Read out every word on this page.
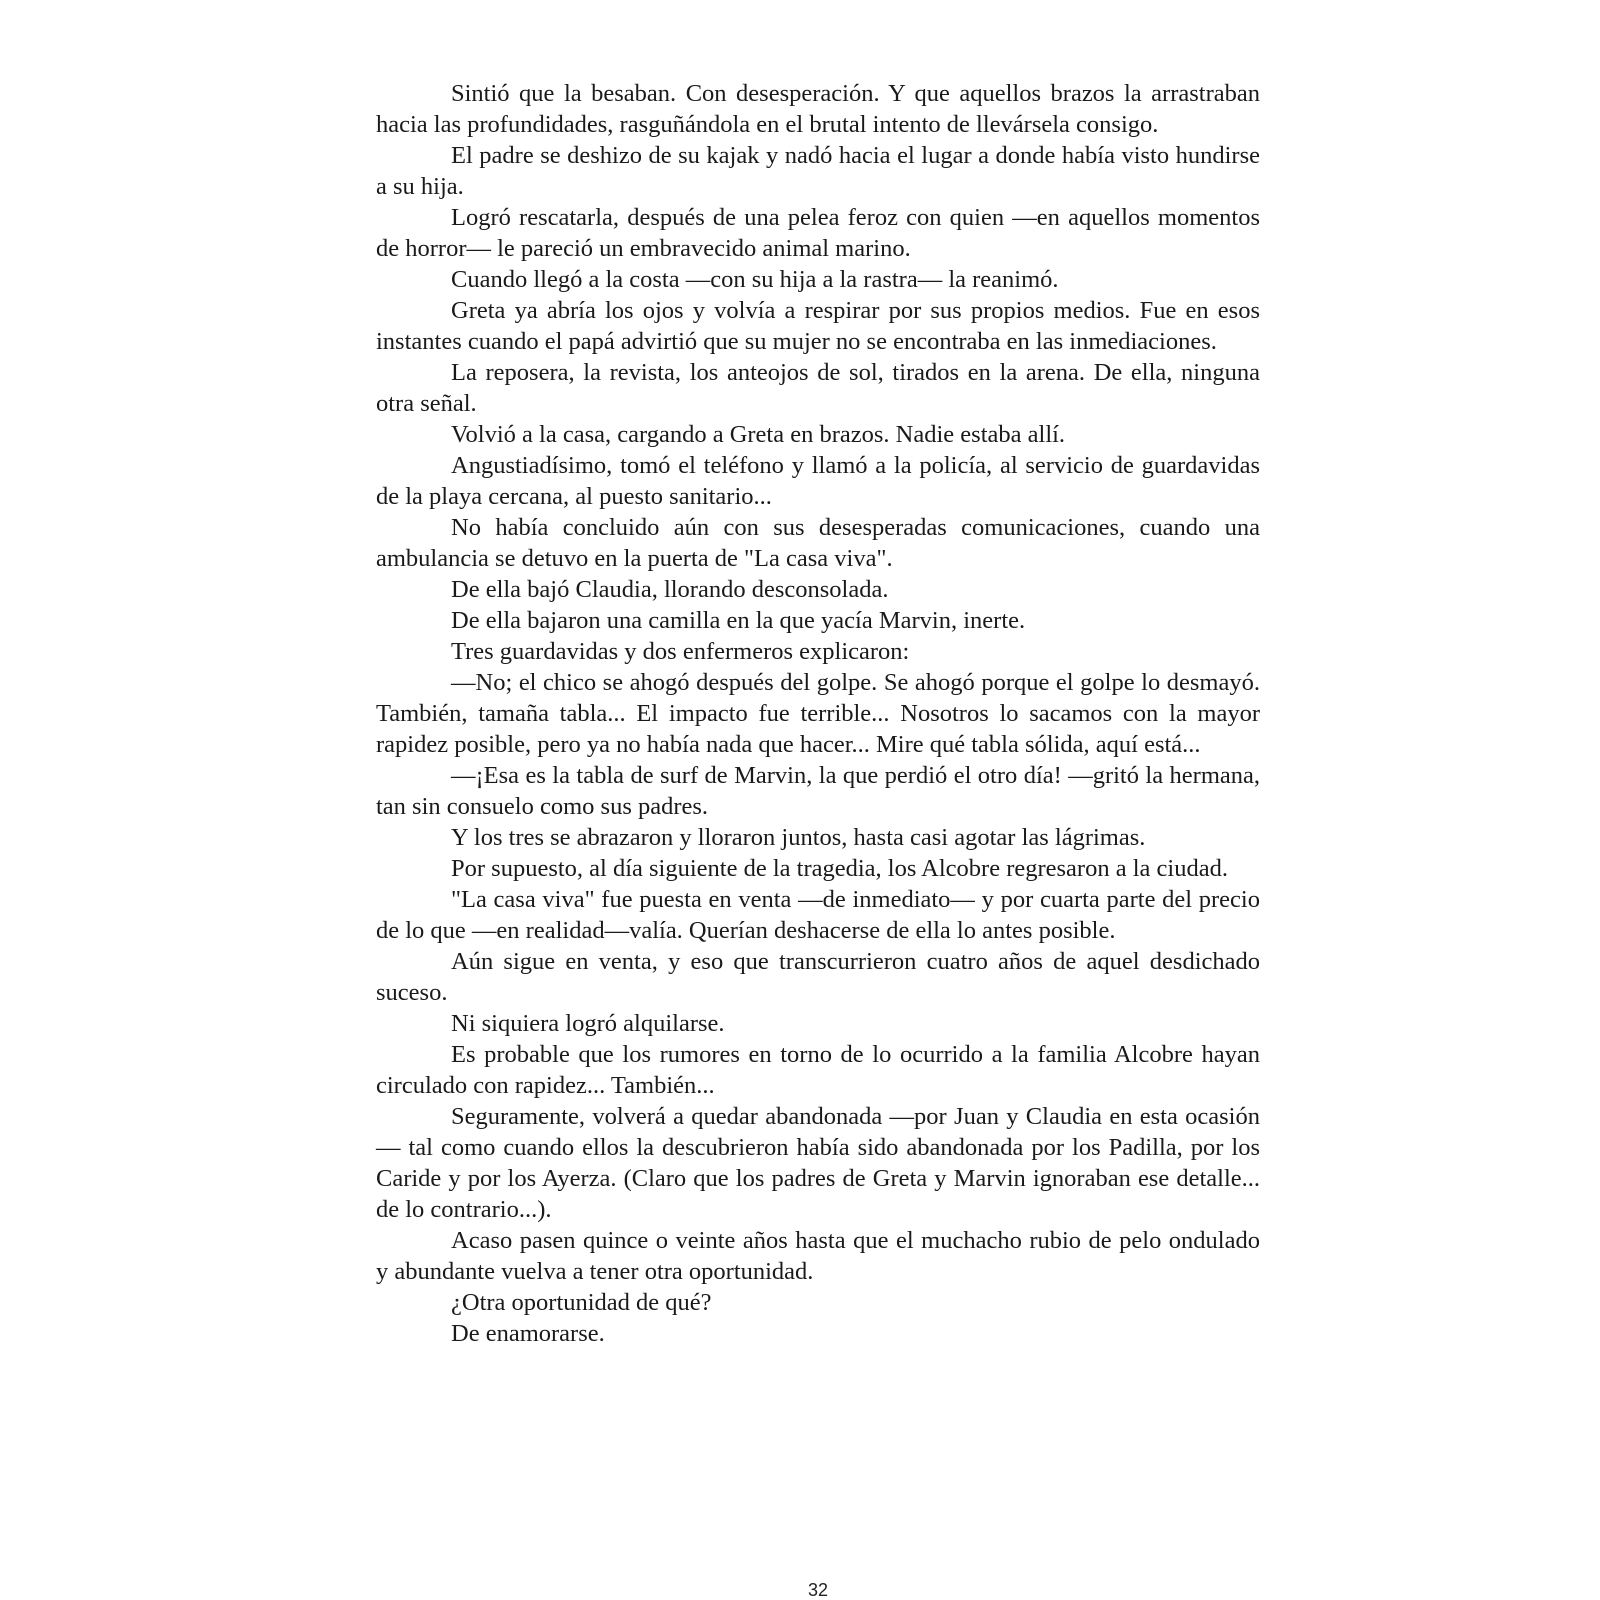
Sintió que la besaban. Con desesperación. Y que aquellos brazos la arrastraban hacia las profundidades, rasguñándola en el brutal intento de llevársela consigo.

El padre se deshizo de su kajak y nadó hacia el lugar a donde había visto hundirse a su hija.

Logró rescatarla, después de una pelea feroz con quien —en aquellos momentos de horror— le pareció un embravecido animal marino.

Cuando llegó a la costa —con su hija a la rastra— la reanimó.

Greta ya abría los ojos y volvía a respirar por sus propios medios. Fue en esos instantes cuando el papá advirtió que su mujer no se encontraba en las inmediaciones.

La reposera, la revista, los anteojos de sol, tirados en la arena. De ella, ninguna otra señal.

Volvió a la casa, cargando a Greta en brazos. Nadie estaba allí.

Angustiadísimo, tomó el teléfono y llamó a la policía, al servicio de guardavidas de la playa cercana, al puesto sanitario...

No había concluido aún con sus desesperadas comunicaciones, cuando una ambulancia se detuvo en la puerta de "La casa viva".

De ella bajó Claudia, llorando desconsolada.

De ella bajaron una camilla en la que yacía Marvin, inerte.

Tres guardavidas y dos enfermeros explicaron:

—No; el chico se ahogó después del golpe. Se ahogó porque el golpe lo desmayó. También, tamaña tabla... El impacto fue terrible... Nosotros lo sacamos con la mayor rapidez posible, pero ya no había nada que hacer... Mire qué tabla sólida, aquí está...

—¡Esa es la tabla de surf de Marvin, la que perdió el otro día! —gritó la hermana, tan sin consuelo como sus padres.

Y los tres se abrazaron y lloraron juntos, hasta casi agotar las lágrimas.

Por supuesto, al día siguiente de la tragedia, los Alcobre regresaron a la ciudad.

"La casa viva" fue puesta en venta —de inmediato— y por cuarta parte del precio de lo que —en realidad—valía. Querían deshacerse de ella lo antes posible.

Aún sigue en venta, y eso que transcurrieron cuatro años de aquel desdichado suceso.

Ni siquiera logró alquilarse.

Es probable que los rumores en torno de lo ocurrido a la familia Alcobre hayan circulado con rapidez... También...

Seguramente, volverá a quedar abandonada —por Juan y Claudia en esta ocasión— tal como cuando ellos la descubrieron había sido abandonada por los Padilla, por los Caride y por los Ayerza. (Claro que los padres de Greta y Marvin ignoraban ese detalle... de lo contrario...).

Acaso pasen quince o veinte años hasta que el muchacho rubio de pelo ondulado y abundante vuelva a tener otra oportunidad.

¿Otra oportunidad de qué?

De enamorarse.

32
